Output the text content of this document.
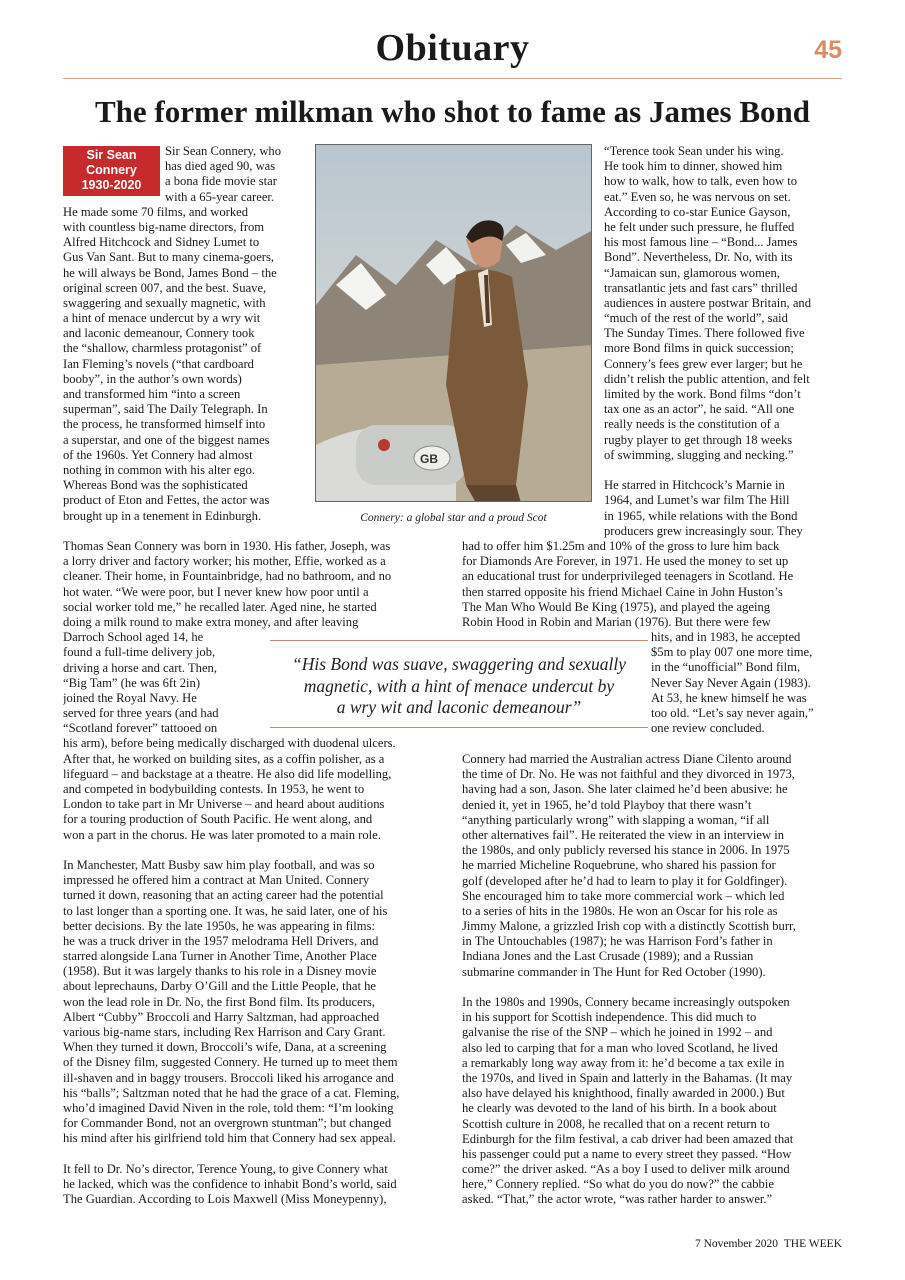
Obituary	45
The former milkman who shot to fame as James Bond
Sir Sean
Connery
1930-2020
Sir Sean Connery, who
has died aged 90, was
a bona fide movie star
with a 65-year career.
He made some 70 films, and worked
with countless big-name directors, from
Alfred Hitchcock and Sidney Lumet to
Gus Van Sant. But to many cinema-goers,
he will always be Bond, James Bond – the
original screen 007, and the best. Suave,
swaggering and sexually magnetic, with
a hint of menace undercut by a wry wit
and laconic demeanour, Connery took
the “shallow, charmless protagonist” of
Ian Fleming’s novels (“that cardboard
booby”, in the author’s own words)
and transformed him “into a screen
superman”, said The Daily Telegraph. In
the process, he transformed himself into
a superstar, and one of the biggest names
of the 1960s. Yet Connery had almost
nothing in common with his alter ego.
Whereas Bond was the sophisticated
product of Eton and Fettes, the actor was
brought up in a tenement in Edinburgh.
GB
Connery: a global star and a proud Scot
“Terence took Sean under his wing.
He took him to dinner, showed him
how to walk, how to talk, even how to
eat.” Even so, he was nervous on set.
According to co-star Eunice Gayson,
he felt under such pressure, he fluffed
his most famous line – “Bond... James
Bond”. Nevertheless, Dr. No, with its
“Jamaican sun, glamorous women,
transatlantic jets and fast cars” thrilled
audiences in austere postwar Britain, and
“much of the rest of the world”, said
The Sunday Times. There followed five
more Bond films in quick succession;
Connery’s fees grew ever larger; but he
didn’t relish the public attention, and felt
limited by the work. Bond films “don’t
tax one as an actor”, he said. “All one
really needs is the constitution of a
rugby player to get through 18 weeks
of swimming, slugging and necking.”
He starred in Hitchcock’s Marnie in
1964, and Lumet’s war film The Hill
in 1965, while relations with the Bond
producers grew increasingly sour. They
Thomas Sean Connery was born in 1930. His father, Joseph, was
a lorry driver and factory worker; his mother, Effie, worked as a
cleaner. Their home, in Fountainbridge, had no bathroom, and no
hot water. “We were poor, but I never knew how poor until a
social worker told me,” he recalled later. Aged nine, he started
doing a milk round to make extra money, and after leaving
Darroch School aged 14, he
found a full-time delivery job,
driving a horse and cart. Then,
“Big Tam” (he was 6ft 2in)
joined the Royal Navy. He
served for three years (and had
“Scotland forever” tattooed on
his arm), before being medically discharged with duodenal ulcers.
After that, he worked on building sites, as a coffin polisher, as a
lifeguard – and backstage at a theatre. He also did life modelling,
and competed in bodybuilding contests. In 1953, he went to
London to take part in Mr Universe – and heard about auditions
for a touring production of South Pacific. He went along, and
won a part in the chorus. He was later promoted to a main role.
In Manchester, Matt Busby saw him play football, and was so
impressed he offered him a contract at Man United. Connery
turned it down, reasoning that an acting career had the potential
to last longer than a sporting one. It was, he said later, one of his
better decisions. By the late 1950s, he was appearing in films:
he was a truck driver in the 1957 melodrama Hell Drivers, and
starred alongside Lana Turner in Another Time, Another Place
(1958). But it was largely thanks to his role in a Disney movie
about leprechauns, Darby O’Gill and the Little People, that he
won the lead role in Dr. No, the first Bond film. Its producers,
Albert “Cubby” Broccoli and Harry Saltzman, had approached
various big-name stars, including Rex Harrison and Cary Grant.
When they turned it down, Broccoli’s wife, Dana, at a screening
of the Disney film, suggested Connery. He turned up to meet them
ill-shaven and in baggy trousers. Broccoli liked his arrogance and
his “balls”; Saltzman noted that he had the grace of a cat. Fleming,
who’d imagined David Niven in the role, told them: “I’m looking
for Commander Bond, not an overgrown stuntman”; but changed
his mind after his girlfriend told him that Connery had sex appeal.
It fell to Dr. No’s director, Terence Young, to give Connery what
he lacked, which was the confidence to inhabit Bond’s world, said
The Guardian. According to Lois Maxwell (Miss Moneypenny),
had to offer him $1.25m and 10% of the gross to lure him back
for Diamonds Are Forever, in 1971. He used the money to set up
an educational trust for underprivileged teenagers in Scotland. He
then starred opposite his friend Michael Caine in John Huston’s
The Man Who Would Be King (1975), and played the ageing
Robin Hood in Robin and Marian (1976). But there were few
hits, and in 1983, he accepted
$5m to play 007 one more time,
in the “unofficial” Bond film,
Never Say Never Again (1983).
At 53, he knew himself he was
too old. “Let’s say never again,”
one review concluded.
“His Bond was suave, swaggering and sexually
magnetic, with a hint of menace undercut by
a wry wit and laconic demeanour”
Connery had married the Australian actress Diane Cilento around
the time of Dr. No. He was not faithful and they divorced in 1973,
having had a son, Jason. She later claimed he’d been abusive: he
denied it, yet in 1965, he’d told Playboy that there wasn’t
“anything particularly wrong” with slapping a woman, “if all
other alternatives fail”. He reiterated the view in an interview in
the 1980s, and only publicly reversed his stance in 2006. In 1975
he married Micheline Roquebrune, who shared his passion for
golf (developed after he’d had to learn to play it for Goldfinger).
She encouraged him to take more commercial work – which led
to a series of hits in the 1980s. He won an Oscar for his role as
Jimmy Malone, a grizzled Irish cop with a distinctly Scottish burr,
in The Untouchables (1987); he was Harrison Ford’s father in
Indiana Jones and the Last Crusade (1989); and a Russian
submarine commander in The Hunt for Red October (1990).
In the 1980s and 1990s, Connery became increasingly outspoken
in his support for Scottish independence. This did much to
galvanise the rise of the SNP – which he joined in 1992 – and
also led to carping that for a man who loved Scotland, he lived
a remarkably long way away from it: he’d become a tax exile in
the 1970s, and lived in Spain and latterly in the Bahamas. (It may
also have delayed his knighthood, finally awarded in 2000.) But
he clearly was devoted to the land of his birth. In a book about
Scottish culture in 2008, he recalled that on a recent return to
Edinburgh for the film festival, a cab driver had been amazed that
his passenger could put a name to every street they passed. “How
come?” the driver asked. “As a boy I used to deliver milk around
here,” Connery replied. “So what do you do now?” the cabbie
asked. “That,” the actor wrote, “was rather harder to answer.”
7 November 2020 THE WEEK
